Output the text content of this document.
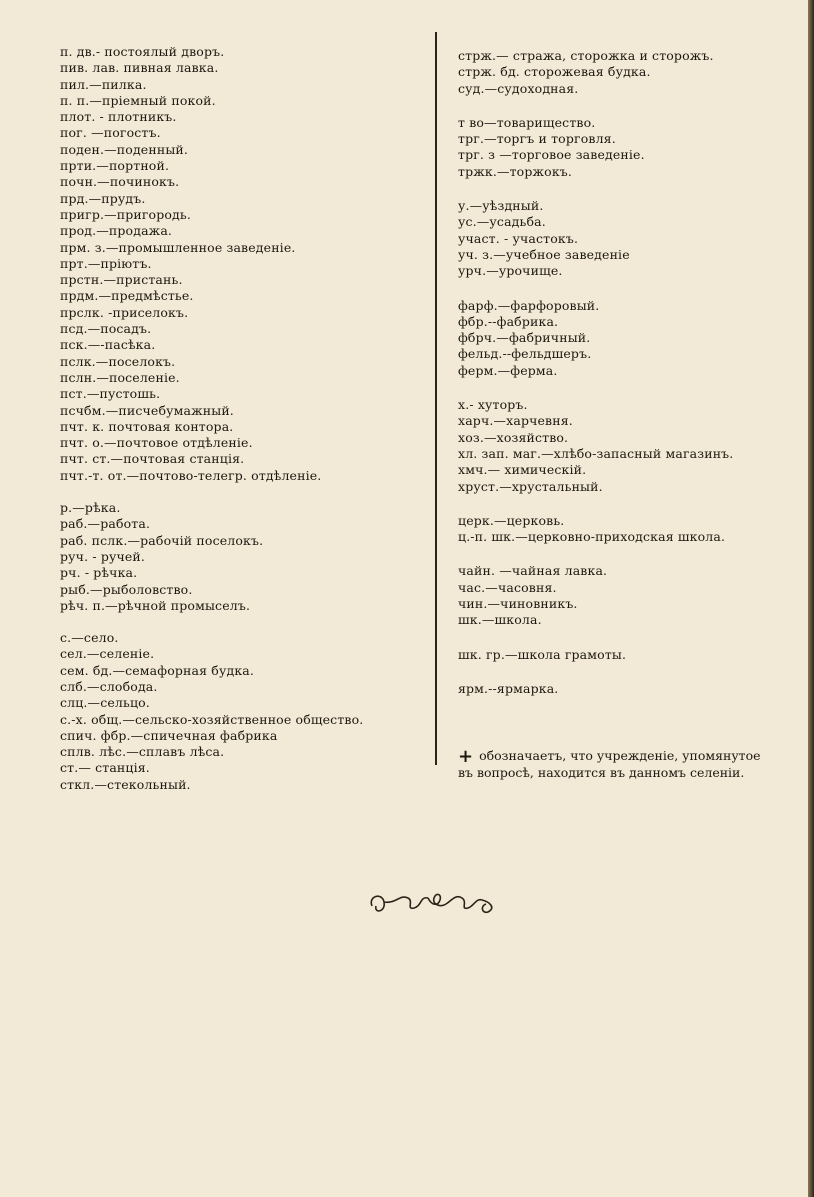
п. дв.- постоялый дворъ.
пив. лав. пивная лавка.
пил.—пилка.
п. п.—пріемный покой.
плот. - плотникъ.
пог. —погостъ.
поден.—поденный.
прти.—портной.
почн.—починокъ.
прд.—прудъ.
пригр.—пригородь.
прод.—продажа.
прм. з.—промышленное заведеніе.
прт.—пріютъ.
прстн.—пристань.
прдм.—предмѣстье.
прслк. -приселокъ.
псд.—посадъ.
пск.—-пасѣка.
пслк.—поселокъ.
пслн.—поселеніе.
пст.—пустошь.
псчбм.—писчебумажный.
пчт. к. почтовая контора.
пчт. о.—почтовое отдѣленіе.
пчт. ст.—почтовая станція.
пчт.-т. от.—почтово-телегр. отдѣленіе.
р.—рѣка.
раб.—работа.
раб. пслк.—рабочій поселокъ.
руч. - ручей.
рч. - рѣчка.
рыб.—рыболовство.
рѣч. п.—рѣчной промыселъ.
с.—село.
сел.—селеніе.
сем. бд.—семафорная будка.
слб.—слобода.
слц.—сельцо.
с.-х. общ.—сельско-хозяйственное общество.
спич. фбр.—спичечная фабрика
сплв. лѣс.—сплавъ лѣса.
ст.— станція.
сткл.—стекольный.
стрж.— стража, сторожка и сторожъ.
стрж. бд. сторожевая будка.
суд.—судоходная.
т во—товарищество.
трг.—торгъ и торговля.
трг. з —торговое заведеніе.
тржк.—торжокъ.
у.—уѣздный.
ус.—усадьба.
участ. - участокъ.
уч. з.—учебное заведеніе
урч.—урочище.
фарф.—фарфоровый.
фбр.--фабрика.
фбрч.—фабричный.
фельд.--фельдшеръ.
ферм.—ферма.
х.- хуторъ.
харч.—харчевня.
хоз.—хозяйство.
хл. зап. маг.—хлѣбо-запасный магазинъ.
хмч.— химическій.
хруст.—хрустальный.
церк.—церковь.
ц.-п. шк.—церковно-приходская школа.
чайн. —чайная лавка.
час.—часовня.
чин.—чиновникъ.
шк.—школа.
шк. гр.—школа грамоты.
ярм.--ярмарка.
+ обозначаетъ, что учрежденіе, упомянутое
въ вопросѣ, находится въ данномъ селеніи.
